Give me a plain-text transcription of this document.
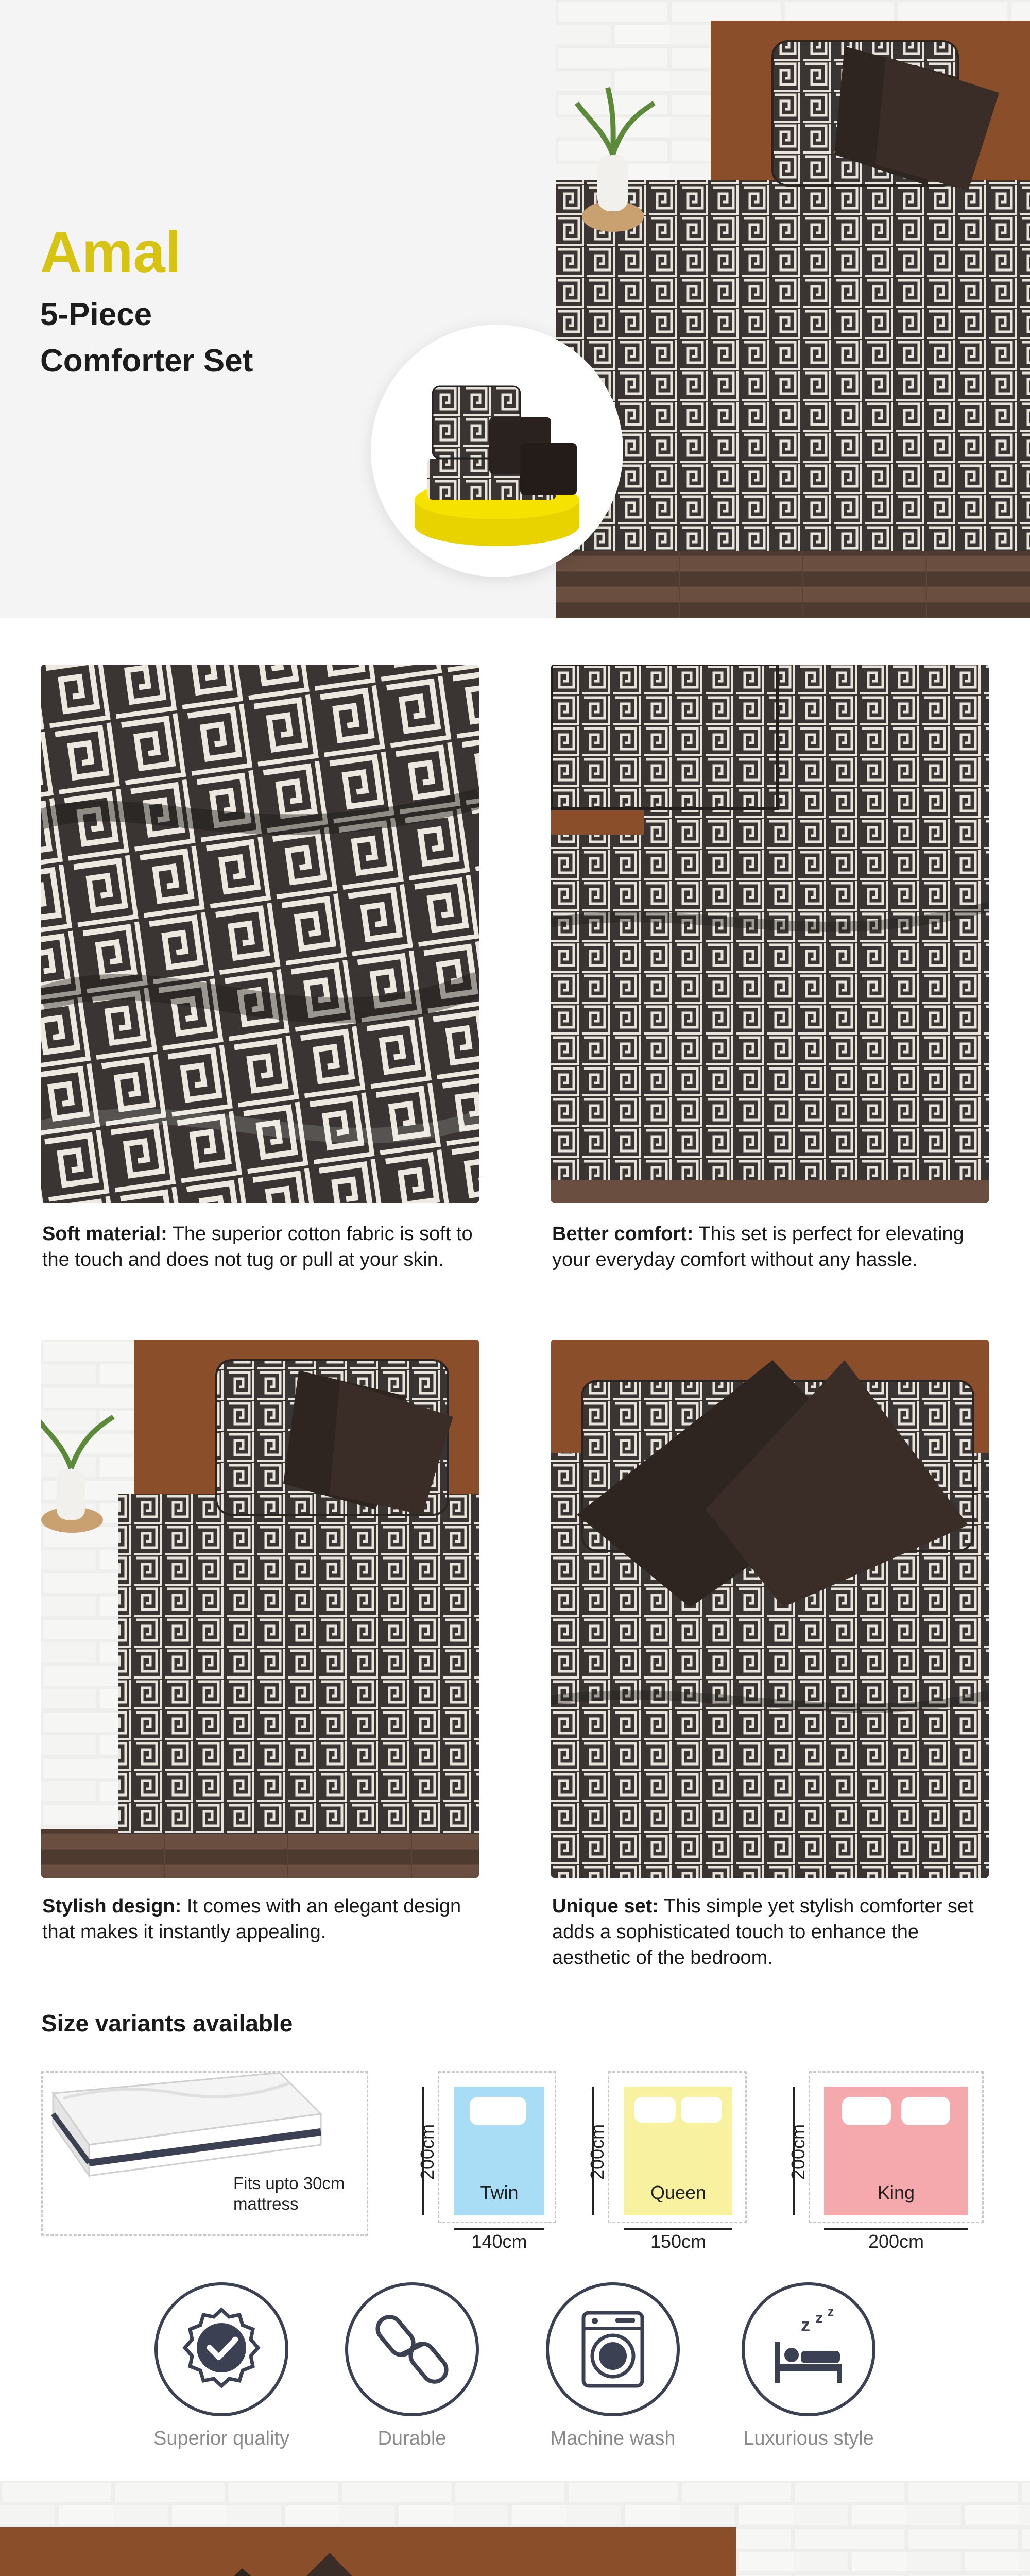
Amal
5-Piece
Comforter Set
Soft material: The superior cotton fabric is soft to the touch and does not tug or pull at your skin.
Better comfort: This set is perfect for elevating your everyday comfort without any hassle.
Stylish design: It comes with an elegant design that makes it instantly appealing.
Unique set: This simple yet stylish comforter set adds a sophisticated touch to enhance the aesthetic of the bedroom.
Size variants available
Fits upto 30cm
mattress
Twin
200cm
140cm
Queen
200cm
150cm
King
200cm
200cm
Superior quality	Durable	Machine wash
z z z
Luxurious style
